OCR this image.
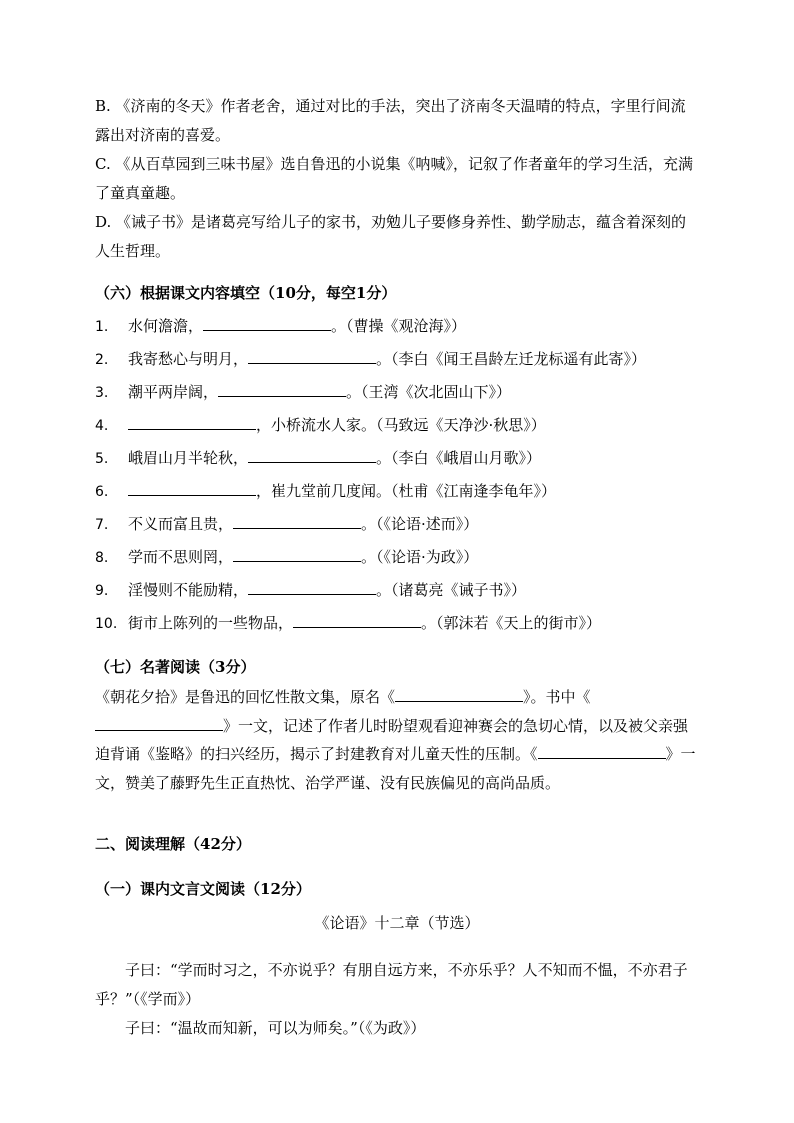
B. 《济南的冬天》作者老舍，通过对比的手法，突出了济南冬天温晴的特点，字里行间流露出对济南的喜爱。

C. 《从百草园到三味书屋》选自鲁迅的小说集《呐喊》，记叙了作者童年的学习生活，充满了童真童趣。

D. 《诫子书》是诸葛亮写给儿子的家书，劝勉儿子要修身养性、勤学励志，蕴含着深刻的人生哲理。

（六）根据课文内容填空（10分，每空1分）
1. 水何澹澹，	。（曹操《观沧海》）
2. 我寄愁心与明月，	。（李白《闻王昌龄左迁龙标遥有此寄》）
3. 潮平两岸阔，	。（王湾《次北固山下》）
4.	，小桥流水人家。（马致远《天净沙·秋思》）
5. 峨眉山月半轮秋，	。（李白《峨眉山月歌》）
6.	，崔九堂前几度闻。（杜甫《江南逢李龟年》）
7. 不义而富且贵，	。（《论语·述而》）
8. 学而不思则罔，	。（《论语·为政》）
9. 淫慢则不能励精，	。（诸葛亮《诫子书》）
10. 街市上陈列的一些物品，	。（郭沫若《天上的街市》）
（七）名著阅读（3分）

《朝花夕拾》是鲁迅的回忆性散文集，原名《	》。书中《》一文，记述了作者儿时盼望观看迎神赛会的急切心情，以及被父亲强迫背诵《鉴略》的扫兴经历，揭示了封建教育对儿童天性的压制。《	》一文，赞美了藤野先生正直热忱、治学严谨、没有民族偏见的高尚品质。

二、阅读理解（42分）
（一）课内文言文阅读（12分）
《论语》十二章（节选）

子曰：“学而时习之，不亦说乎？有朋自远方来，不亦乐乎？人不知而不愠，不亦君子乎？”（《学而》）

子曰：“温故而知新，可以为师矣。”（《为政》）
